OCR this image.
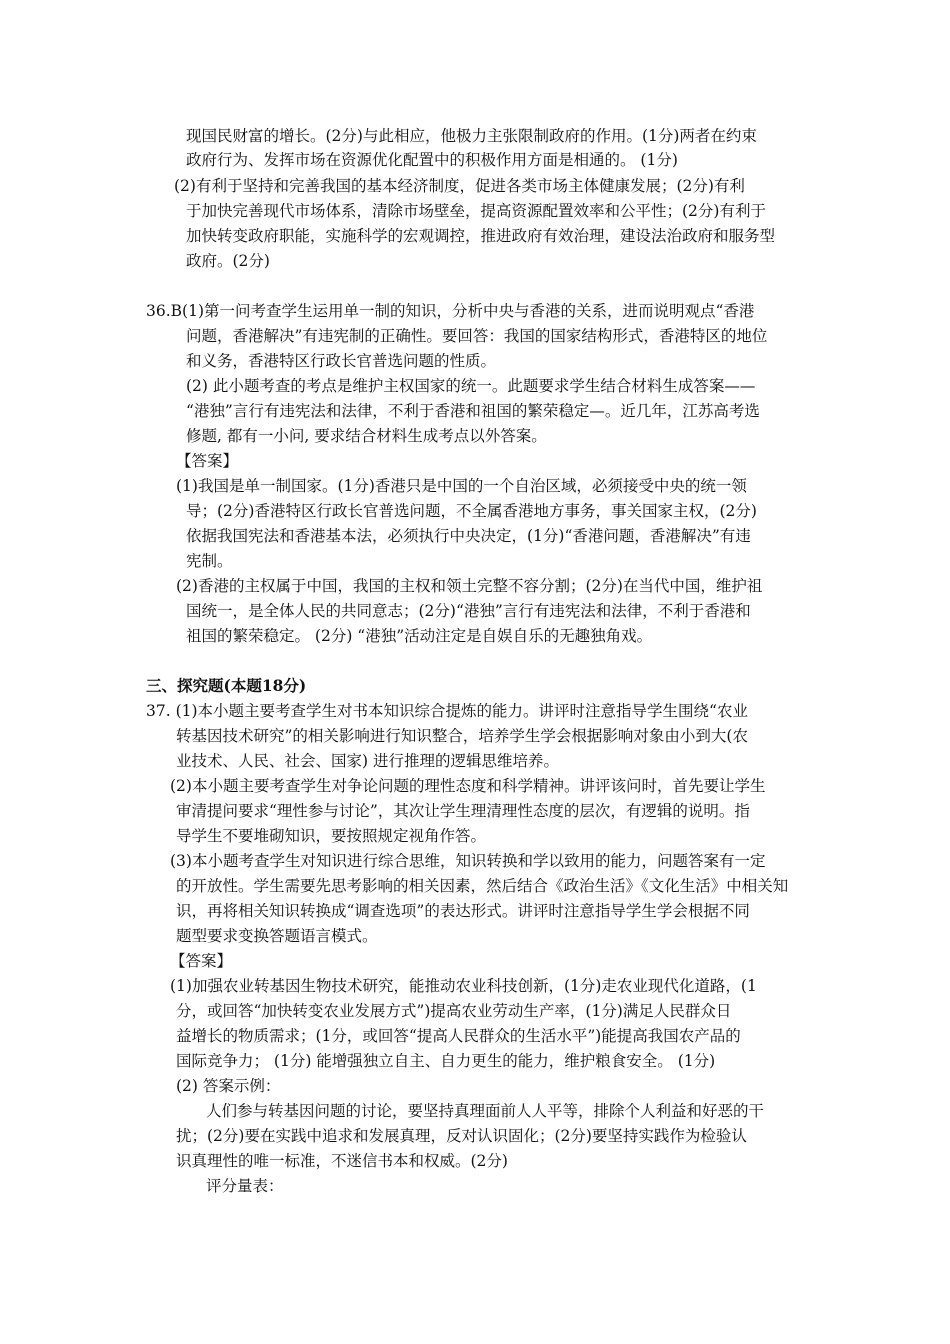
现国民财富的增长。(2分)与此相应，他极力主张限制政府的作用。(1分)两者在约束
政府行为、发挥市场在资源优化配置中的积极作用方面是相通的。 (1分)
(2)有利于坚持和完善我国的基本经济制度，促进各类市场主体健康发展；(2分)有利
于加快完善现代市场体系，清除市场壁垒，提高资源配置效率和公平性；(2分)有利于
加快转变政府职能，实施科学的宏观调控，推进政府有效治理，建设法治政府和服务型
政府。(2分)
36.B(1)第一问考查学生运用单一制的知识，分析中央与香港的关系，进而说明观点“香港
问题，香港解决”有违宪制的正确性。要回答：我国的国家结构形式，香港特区的地位
和义务，香港特区行政长官普选问题的性质。
(2) 此小题考查的考点是维护主权国家的统一。此题要求学生结合材料生成答案——
“港独”言行有违宪法和法律，不利于香港和祖国的繁荣稳定—。近几年，江苏高考选
修题, 都有一小问, 要求结合材料生成考点以外答案。
【答案】
(1)我国是单一制国家。(1分)香港只是中国的一个自治区域，必须接受中央的统一领
导；(2分)香港特区行政长官普选问题，不全属香港地方事务，事关国家主权，(2分)
依据我国宪法和香港基本法，必须执行中央决定，(1分)“香港问题，香港解决”有违
宪制。
(2)香港的主权属于中国，我国的主权和领土完整不容分割；(2分)在当代中国，维护祖
国统一，是全体人民的共同意志；(2分)“港独”言行有违宪法和法律，不利于香港和
祖国的繁荣稳定。 (2分) “港独”活动注定是自娱自乐的无趣独角戏。
三、探究题(本题18分)
37. (1)本小题主要考查学生对书本知识综合提炼的能力。讲评时注意指导学生围绕“农业
转基因技术研究”的相关影响进行知识整合，培养学生学会根据影响对象由小到大(农
业技术、人民、社会、国家) 进行推理的逻辑思维培养。
(2)本小题主要考查学生对争论问题的理性态度和科学精神。讲评该问时，首先要让学生
审清提问要求“理性参与讨论”，其次让学生理清理性态度的层次，有逻辑的说明。指
导学生不要堆砌知识，要按照规定视角作答。
(3)本小题考查学生对知识进行综合思维，知识转换和学以致用的能力，问题答案有一定
的开放性。学生需要先思考影响的相关因素，然后结合《政治生活》《文化生活》中相关知
识，再将相关知识转换成“调查选项”的表达形式。讲评时注意指导学生学会根据不同
题型要求变换答题语言模式。
【答案】
(1)加强农业转基因生物技术研究，能推动农业科技创新，(1分)走农业现代化道路，(1
分，或回答“加快转变农业发展方式”)提高农业劳动生产率，(1分)满足人民群众日
益增长的物质需求；(1分，或回答“提高人民群众的生活水平”)能提高我国农产品的
国际竞争力； (1分) 能增强独立自主、自力更生的能力，维护粮食安全。 (1分)
(2) 答案示例：
人们参与转基因问题的讨论，要坚持真理面前人人平等，排除个人利益和好恶的干
扰；(2分)要在实践中追求和发展真理，反对认识固化；(2分)要坚持实践作为检验认
识真理性的唯一标准，不迷信书本和权威。(2分)
评分量表：
